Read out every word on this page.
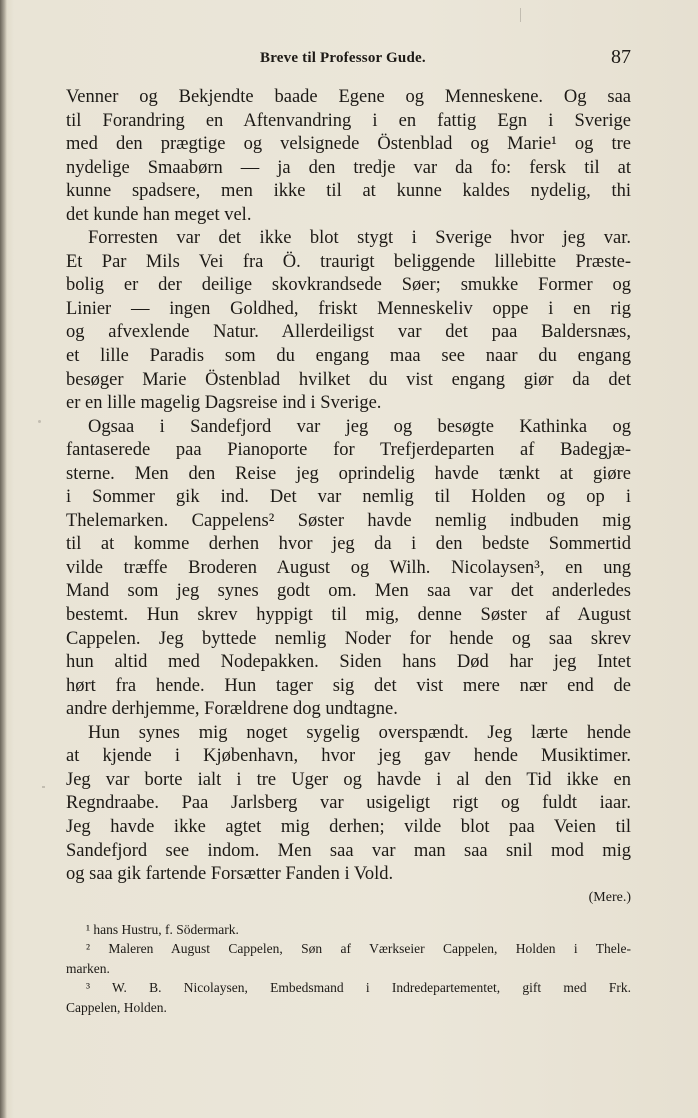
Breve til Professor Gude.	87
Venner og Bekjendte baade Egene og Menneskene. Og saa
til Forandring en Aftenvandring i en fattig Egn i Sverige
med den prægtige og velsignede Östenblad og Marie¹ og tre
nydelige Smaabørn — ja den tredje var da fo: fersk til at
kunne spadsere, men ikke til at kunne kaldes nydelig, thi
det kunde han meget vel.
Forresten var det ikke blot stygt i Sverige hvor jeg var.
Et Par Mils Vei fra Ö. traurigt beliggende lillebitte Præste-
bolig er der deilige skovkrandsede Søer; smukke Former og
Linier — ingen Goldhed, friskt Menneskeliv oppe i en rig
og afvexlende Natur. Allerdeiligst var det paa Baldersnæs,
et lille Paradis som du engang maa see naar du engang
besøger Marie Östenblad hvilket du vist engang giør da det
er en lille magelig Dagsreise ind i Sverige.
Ogsaa i Sandefjord var jeg og besøgte Kathinka og
fantaserede paa Pianoporte for Trefjerdeparten af Badegjæ-
sterne. Men den Reise jeg oprindelig havde tænkt at giøre
i Sommer gik ind. Det var nemlig til Holden og op i
Thelemarken. Cappelens² Søster havde nemlig indbuden mig
til at komme derhen hvor jeg da i den bedste Sommertid
vilde træffe Broderen August og Wilh. Nicolaysen³, en ung
Mand som jeg synes godt om. Men saa var det anderledes
bestemt. Hun skrev hyppigt til mig, denne Søster af August
Cappelen. Jeg byttede nemlig Noder for hende og saa skrev
hun altid med Nodepakken. Siden hans Død har jeg Intet
hørt fra hende. Hun tager sig det vist mere nær end de
andre derhjemme, Forældrene dog undtagne.
Hun synes mig noget sygelig overspændt. Jeg lærte hende
at kjende i Kjøbenhavn, hvor jeg gav hende Musiktimer.
Jeg var borte ialt i tre Uger og havde i al den Tid ikke en
Regndraabe. Paa Jarlsberg var usigeligt rigt og fuldt iaar.
Jeg havde ikke agtet mig derhen; vilde blot paa Veien til
Sandefjord see indom. Men saa var man saa snil mod mig
og saa gik fartende Forsætter Fanden i Vold.
(Mere.)
¹ hans Hustru, f. Södermark.
² Maleren August Cappelen, Søn af Værkseier Cappelen, Holden i Thele-
marken.
³ W. B. Nicolaysen, Embedsmand i Indredepartementet, gift med Frk.
Cappelen, Holden.
